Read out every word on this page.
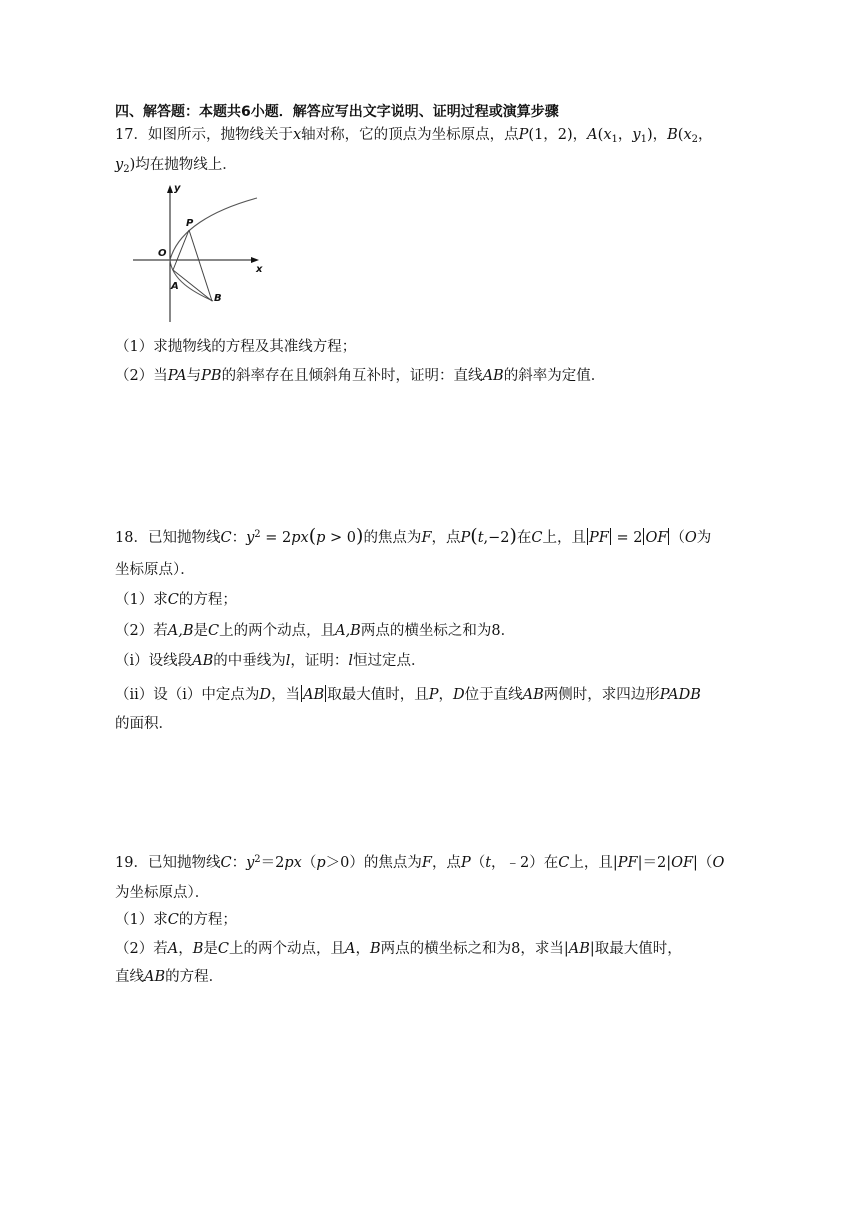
四、解答题：本题共6小题．解答应写出文字说明、证明过程或演算步骤
17．如图所示，抛物线关于x轴对称，它的顶点为坐标原点，点P(1，2)，$A(x_1$，$y_1$)，$B(x_2$，
$y_2$)均在抛物线上．
y
x
O
P
A
B
（1）求抛物线的方程及其准线方程；
（2）当PA与PB的斜率存在且倾斜角互补时，证明：直线AB的斜率为定值．
18．已知抛物线C：$y^2 = 2px(p > 0)$的焦点为F，点P(t,−2)在C上，且 PF = 2 OF （O为
坐标原点）．
（1）求C的方程；
（2）若A,B是C上的两个动点，且A,B两点的横坐标之和为8．
（i）设线段AB的中垂线为l，证明：l恒过定点．
（ii）设（i）中定点为D，当 AB 取最大值时，且P，D位于直线AB两侧时，求四边形PADB
的面积．
19．已知抛物线C：$y^2=2px(p>0)$的焦点为F，点P（t，﹣2）在C上，且|PF|＝2|OF|（O
为坐标原点）．
（1）求C的方程；
（2）若A，B是C上的两个动点，且A，B两点的横坐标之和为8，求当|AB|取最大值时，
直线AB的方程．
